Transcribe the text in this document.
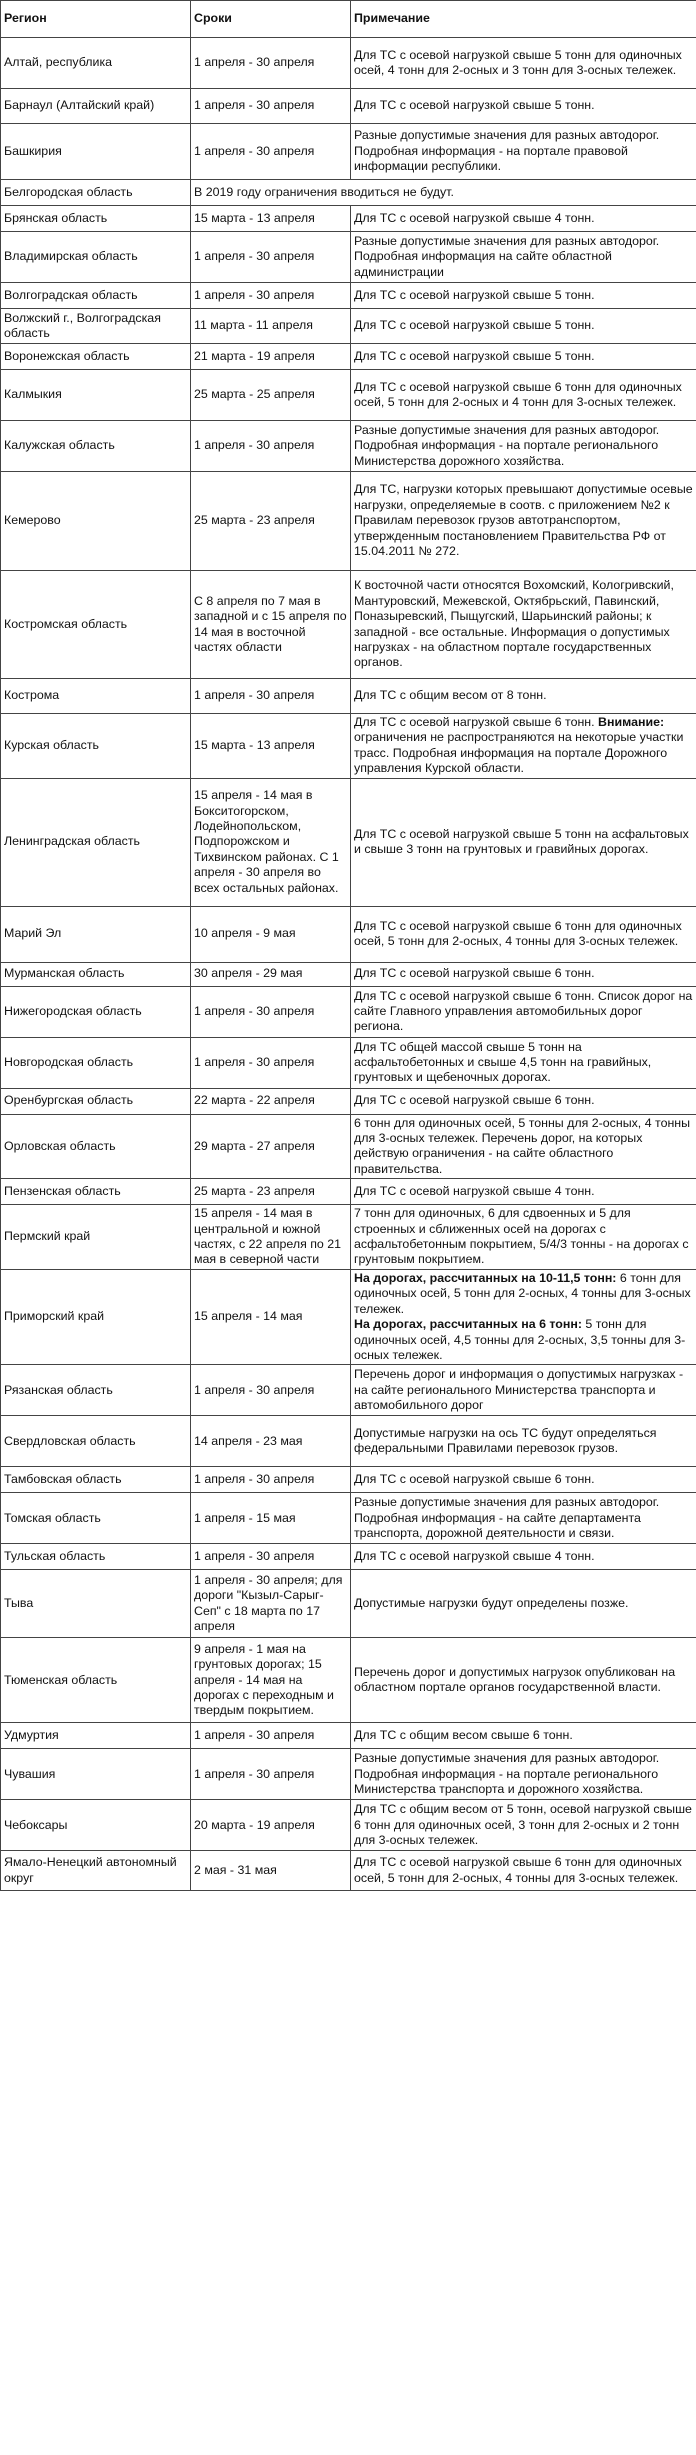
Регион	Сроки	Примечание
Алтай, республика	1 апреля - 30 апреля	Для ТС с осевой нагрузкой свыше 5 тонн для одиночных осей, 4 тонн для 2-осных и 3 тонн для 3-осных тележек.
Барнаул (Алтайский край)	1 апреля - 30 апреля	Для ТС с осевой нагрузкой свыше 5 тонн.
Башкирия	1 апреля - 30 апреля	Разные допустимые значения для разных автодорог. Подробная информация - на портале правовой информации республики.
Белгородская область	В 2019 году ограничения вводиться не будут.	
Брянская область	15 марта - 13 апреля	Для ТС с осевой нагрузкой свыше 4 тонн.
Владимирская область	1 апреля - 30 апреля	Разные допустимые значения для разных автодорог. Подробная информация на сайте областной администрации
Волгоградская область	1 апреля - 30 апреля	Для ТС с осевой нагрузкой свыше 5 тонн.
Волжский г., Волгоградская область	11 марта - 11 апреля	Для ТС с осевой нагрузкой свыше 5 тонн.
Воронежская область	21 марта - 19 апреля	Для ТС с осевой нагрузкой свыше 5 тонн.
Калмыкия	25 марта - 25 апреля	Для ТС с осевой нагрузкой свыше 6 тонн для одиночных осей, 5 тонн для 2-осных и 4 тонн для 3-осных тележек.
Калужская область	1 апреля - 30 апреля	Разные допустимые значения для разных автодорог. Подробная информация - на портале регионального Министерства дорожного хозяйства.
Кемерово	25 марта - 23 апреля	Для ТС, нагрузки которых превышают допустимые осевые нагрузки, определяемые в соотв. с приложением №2 к Правилам перевозок грузов автотранспортом, утвержденным постановлением Правительства РФ от 15.04.2011 № 272.
Костромская область	С 8 апреля по 7 мая в западной и с 15 апреля по 14 мая в восточной частях области	К восточной части относятся Вохомский, Кологривский, Мантуровский, Межевской, Октябрьский, Павинский, Поназыревский, Пыщугский, Шарьинский районы; к западной - все остальные. Информация о допустимых нагрузках - на областном портале государственных органов.
Кострома	1 апреля - 30 апреля	Для ТС с общим весом от 8 тонн.
Курская область	15 марта - 13 апреля	Для ТС с осевой нагрузкой свыше 6 тонн. Внимание: ограничения не распространяются на некоторые участки трасс. Подробная информация на портале Дорожного управления Курской области.
Ленинградская область	15 апреля - 14 мая в Бокситогорском, Лодейнопольском, Подпорожском и Тихвинском районах. С 1 апреля - 30 апреля во всех остальных районах.	Для ТС с осевой нагрузкой свыше 5 тонн на асфальтовых и свыше 3 тонн на грунтовых и гравийных дорогах.
Марий Эл	10 апреля - 9 мая	Для ТС с осевой нагрузкой свыше 6 тонн для одиночных осей, 5 тонн для 2-осных, 4 тонны для 3-осных тележек.
Мурманская область	30 апреля - 29 мая	Для ТС с осевой нагрузкой свыше 6 тонн.
Нижегородская область	1 апреля - 30 апреля	Для ТС с осевой нагрузкой свыше 6 тонн. Список дорог на сайте Главного управления автомобильных дорог региона.
Новгородская область	1 апреля - 30 апреля	Для ТС общей массой свыше 5 тонн на асфальтобетонных и свыше 4,5 тонн на гравийных, грунтовых и щебеночных дорогах.
Оренбургская область	22 марта - 22 апреля	Для ТС с осевой нагрузкой свыше 6 тонн.
Орловская область	29 марта - 27 апреля	6 тонн для одиночных осей, 5 тонны для 2-осных, 4 тонны для 3-осных тележек. Перечень дорог, на которых действую ограничения - на сайте областного правительства.
Пензенская область	25 марта - 23 апреля	Для ТС с осевой нагрузкой свыше 4 тонн.
Пермский край	15 апреля - 14 мая в центральной и южной частях, с 22 апреля по 21 мая в северной части	7 тонн для одиночных, 6 для сдвоенных и 5 для строенных и сближенных осей на дорогах с асфальтобетонным покрытием, 5/4/3 тонны - на дорогах с грунтовым покрытием.
Приморский край	15 апреля - 14 мая	На дорогах, рассчитанных на 10-11,5 тонн: 6 тонн для одиночных осей, 5 тонн для 2-осных, 4 тонны для 3-осных тележек.
На дорогах, рассчитанных на 6 тонн: 5 тонн для одиночных осей, 4,5 тонны для 2-осных, 3,5 тонны для 3-осных тележек.
Рязанская область	1 апреля - 30 апреля	Перечень дорог и информация о допустимых нагрузках - на сайте регионального Министерства транспорта и автомобильного дорог
Свердловская область	14 апреля - 23 мая	Допустимые нагрузки на ось ТС будут определяться федеральными Правилами перевозок грузов.
Тамбовская область	1 апреля - 30 апреля	Для ТС с осевой нагрузкой свыше 6 тонн.
Томская область	1 апреля - 15 мая	Разные допустимые значения для разных автодорог. Подробная информация - на сайте департамента транспорта, дорожной деятельности и связи.
Тульская область	1 апреля - 30 апреля	Для ТС с осевой нагрузкой свыше 4 тонн.
Тыва	1 апреля - 30 апреля; для дороги "Кызыл-Сарыг-Сеп" с 18 марта по 17 апреля	Допустимые нагрузки будут определены позже.
Тюменская область	9 апреля - 1 мая на грунтовых дорогах; 15 апреля - 14 мая на дорогах с переходным и твердым покрытием.	Перечень дорог и допустимых нагрузок опубликован на областном портале органов государственной власти.
Удмуртия	1 апреля - 30 апреля	Для ТС с общим весом свыше 6 тонн.
Чувашия	1 апреля - 30 апреля	Разные допустимые значения для разных автодорог. Подробная информация - на портале регионального Министерства транспорта и дорожного хозяйства.
Чебоксары	20 марта - 19 апреля	Для ТС с общим весом от 5 тонн, осевой нагрузкой свыше 6 тонн для одиночных осей, 3 тонн для 2-осных и 2 тонн для 3-осных тележек.
Ямало-Ненецкий автономный округ	2 мая - 31 мая	Для ТС с осевой нагрузкой свыше 6 тонн для одиночных осей, 5 тонн для 2-осных, 4 тонны для 3-осных тележек.
